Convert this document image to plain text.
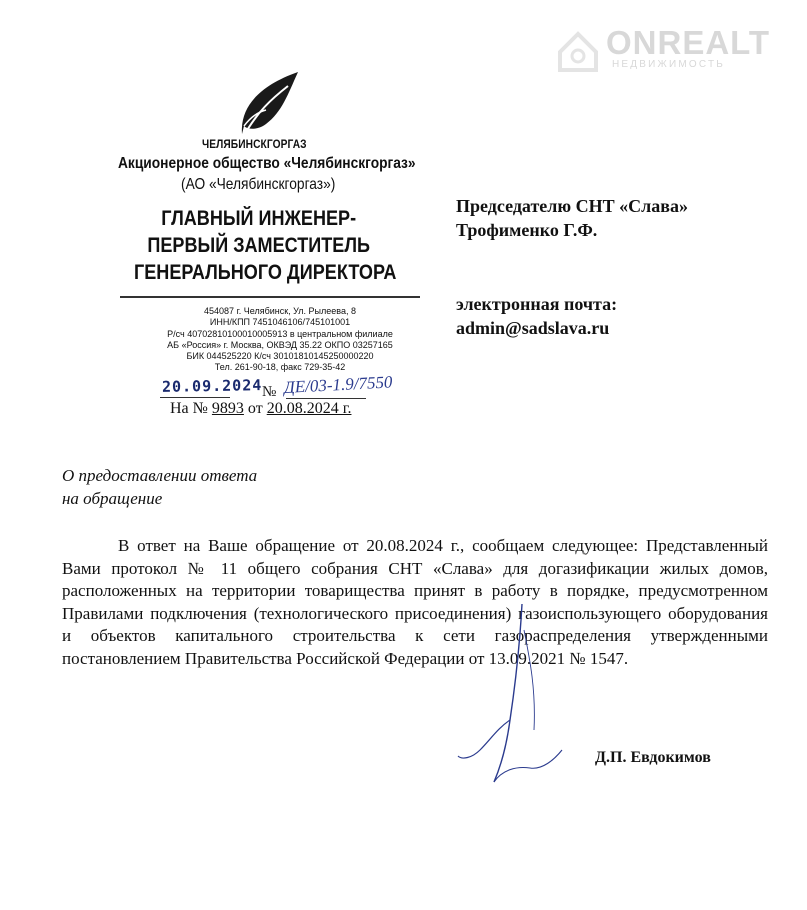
ONREALT
НЕДВИЖИМОСТЬ
ЧЕЛЯБИНСКГОРГАЗ
Акционерное общество «Челябинскгоргаз»
(АО «Челябинскгоргаз»)
ГЛАВНЫЙ ИНЖЕНЕР-
ПЕРВЫЙ ЗАМЕСТИТЕЛЬ
ГЕНЕРАЛЬНОГО ДИРЕКТОРА
454087 г. Челябинск, Ул. Рылеева, 8
ИНН/КПП 7451046106/745101001
Р/сч 40702810100010005913 в центральном филиале
АБ «Россия» г. Москва, ОКВЭД 35.22 ОКПО 03257165
БИК 044525220 К/сч 30101810145250000220
Тел. 261-90-18, факс 729-35-42
20.09.2024 № ДЕ/03-1.9/7550
На № 9893 от 20.08.2024 г.
Председателю СНТ «Слава»
Трофименко Г.Ф.
электронная почта:
admin@sadslava.ru
О предоставлении ответа
на обращение

В ответ на Ваше обращение от 20.08.2024 г., сообщаем следующее: Представленный Вами протокол № 11 общего собрания СНТ «Слава» для догазификации жилых домов, расположенных на территории товарищества принят в работу в порядке, предусмотренном Правилами подключения (технологического присоединения) газоиспользующего оборудования и объектов капитального строительства к сети газораспределения утвержденными постановлением Правительства Российской Федерации от 13.09.2021 № 1547.

Д.П. Евдокимов
